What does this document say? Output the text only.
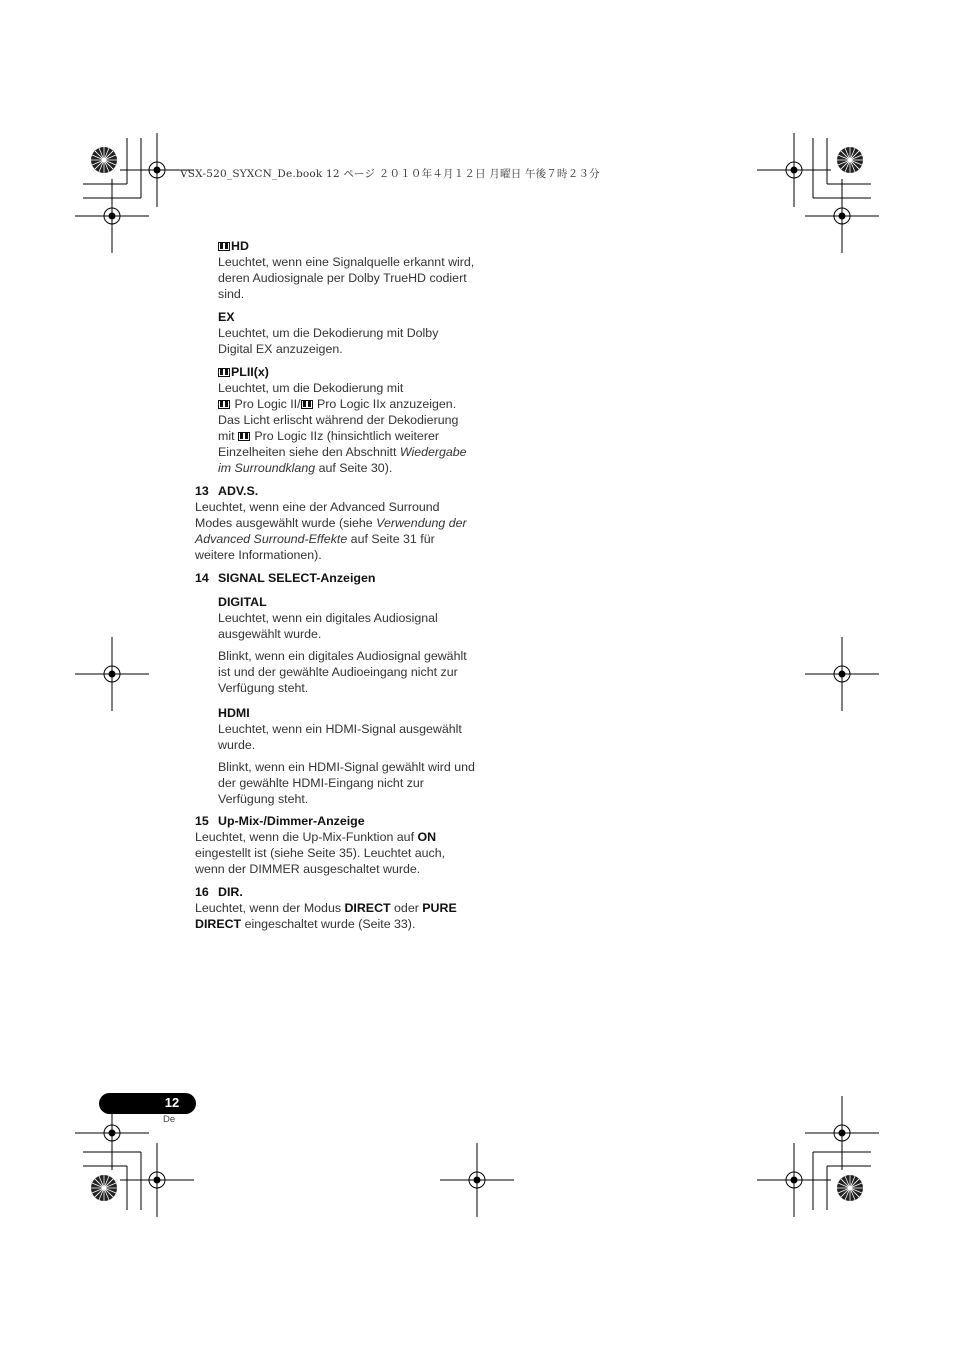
VSX-520_SYXCN_De.book 12 ページ ２０１０年４月１２日 月曜日 午後７時２３分

HD

Leuchtet, wenn eine Signalquelle erkannt wird, deren Audiosignale per Dolby TrueHD codiert sind.

EX

Leuchtet, um die Dekodierung mit Dolby Digital EX anzuzeigen.

PLII(x)

Leuchtet, um die Dekodierung mit
Pro Logic II/ Pro Logic IIx anzuzeigen. Das Licht erlischt während der Dekodierung mit  Pro Logic IIz (hinsichtlich weiterer Einzelheiten siehe den Abschnitt Wiedergabe im Surroundklang auf Seite 30).

13 ADV.S.

Leuchtet, wenn eine der Advanced Surround Modes ausgewählt wurde (siehe Verwendung der Advanced Surround-Effekte auf Seite 31 für weitere Informationen).

14 SIGNAL SELECT-Anzeigen

DIGITAL

Leuchtet, wenn ein digitales Audiosignal ausgewählt wurde.

Blinkt, wenn ein digitales Audiosignal gewählt ist und der gewählte Audioeingang nicht zur Verfügung steht.

HDMI

Leuchtet, wenn ein HDMI-Signal ausgewählt wurde.

Blinkt, wenn ein HDMI-Signal gewählt wird und der gewählte HDMI-Eingang nicht zur Verfügung steht.

15 Up-Mix-/Dimmer-Anzeige

Leuchtet, wenn die Up-Mix-Funktion auf ON eingestellt ist (siehe Seite 35). Leuchtet auch, wenn der DIMMER ausgeschaltet wurde.

16 DIR.

Leuchtet, wenn der Modus DIRECT oder PURE DIRECT eingeschaltet wurde (Seite 33).

12
De
